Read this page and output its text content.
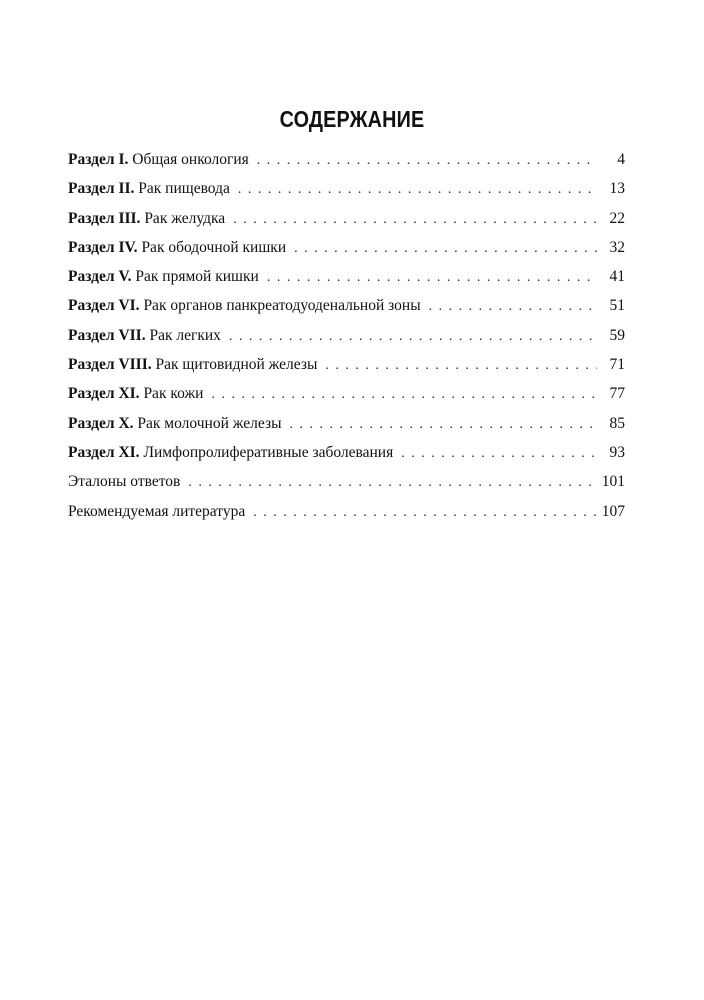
СОДЕРЖАНИЕ
Раздел I. Общая онкология . . .	4
Раздел II. Рак пищевода . . .	13
Раздел III. Рак желудка . . .	22
Раздел IV. Рак ободочной кишки . . .	32
Раздел V. Рак прямой кишки . . .	41
Раздел VI. Рак органов панкреатодуоденальной зоны . . .	51
Раздел VII. Рак легких . . .	59
Раздел VIII. Рак щитовидной железы . . .	71
Раздел XI. Рак кожи . . .	77
Раздел X. Рак молочной железы . . .	85
Раздел XI. Лимфопролиферативные заболевания . . .	93
Эталоны ответов . . .	101
Рекомендуемая литература . . .	107
